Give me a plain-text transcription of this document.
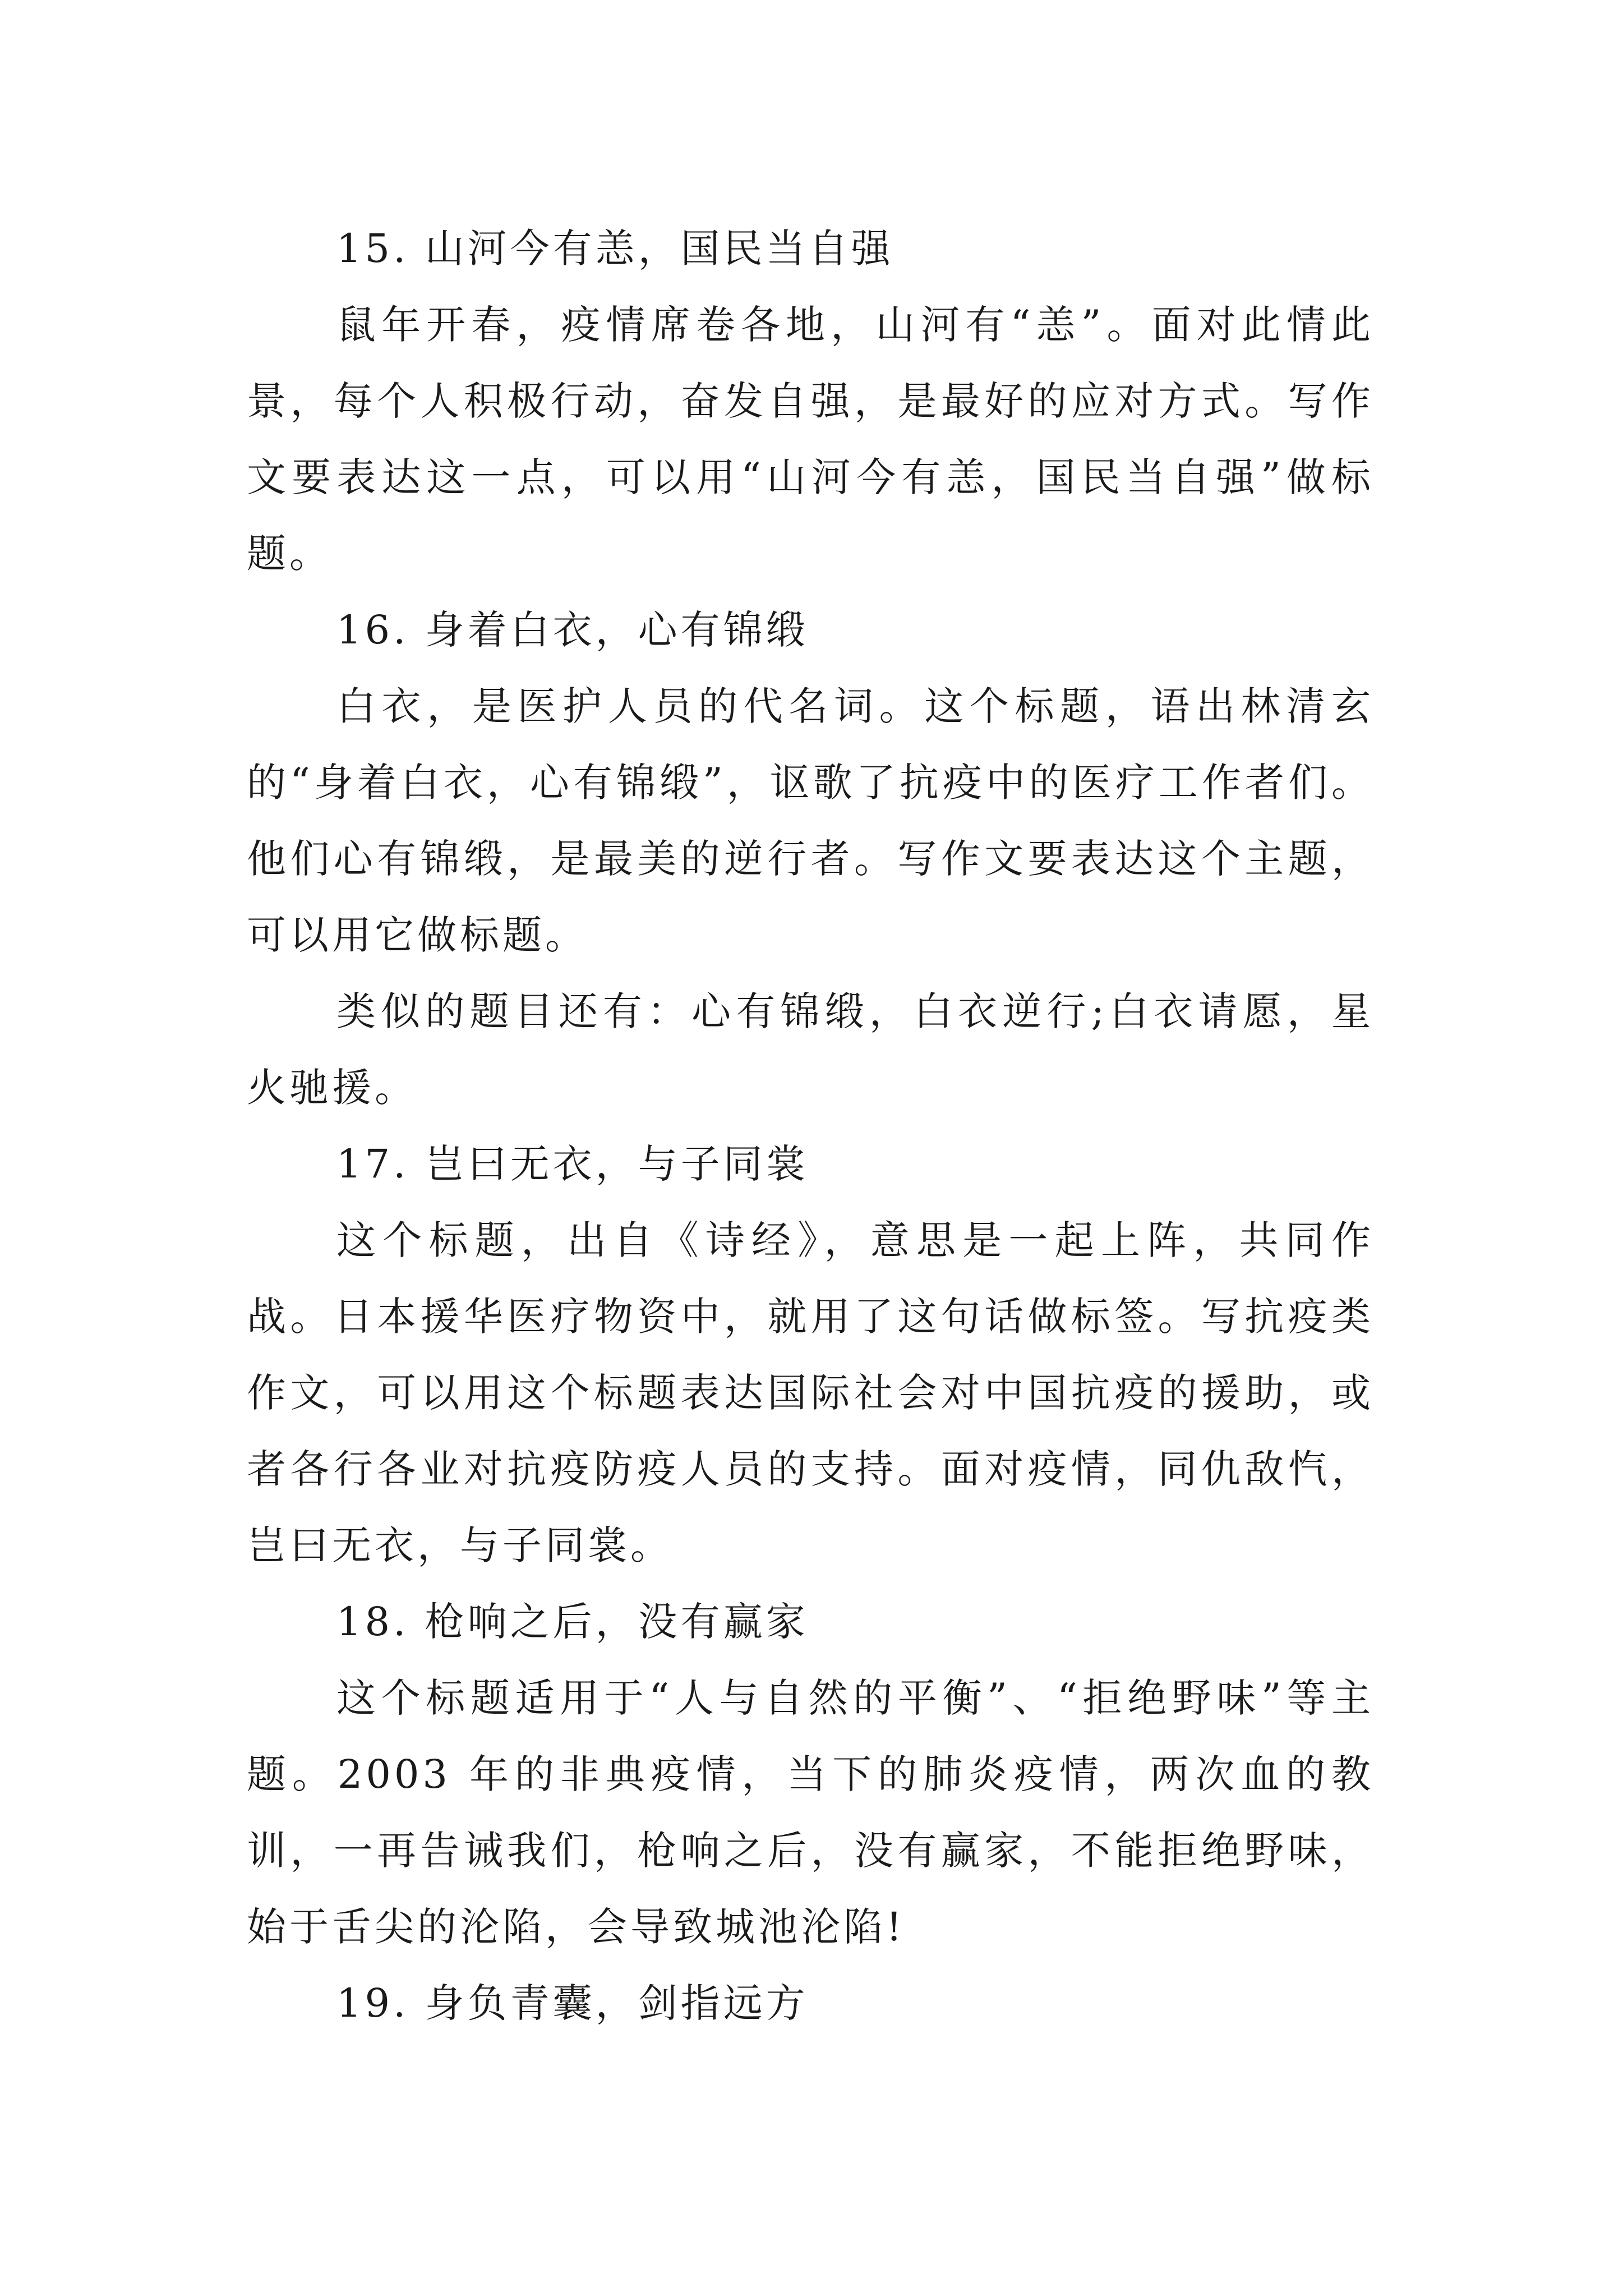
15. 山河今有恙，国民当自强

鼠年开春，疫情席卷各地，山河有“恙”。面对此情此景，每个人积极行动，奋发自强，是最好的应对方式。写作文要表达这一点，可以用“山河今有恙，国民当自强”做标题。

16. 身着白衣，心有锦缎

白衣，是医护人员的代名词。这个标题，语出林清玄的“身着白衣，心有锦缎”，讴歌了抗疫中的医疗工作者们。他们心有锦缎，是最美的逆行者。写作文要表达这个主题，可以用它做标题。

类似的题目还有：心有锦缎，白衣逆行;白衣请愿，星火驰援。

17. 岂曰无衣，与子同裳

这个标题，出自《诗经》，意思是一起上阵，共同作战。日本援华医疗物资中，就用了这句话做标签。写抗疫类作文，可以用这个标题表达国际社会对中国抗疫的援助，或者各行各业对抗疫防疫人员的支持。面对疫情，同仇敌忾，岂曰无衣，与子同裳。

18. 枪响之后，没有赢家

这个标题适用于“人与自然的平衡”、“拒绝野味”等主题。2003 年的非典疫情，当下的肺炎疫情，两次血的教训，一再告诫我们，枪响之后，没有赢家，不能拒绝野味，始于舌尖的沦陷，会导致城池沦陷!

19. 身负青囊，剑指远方
